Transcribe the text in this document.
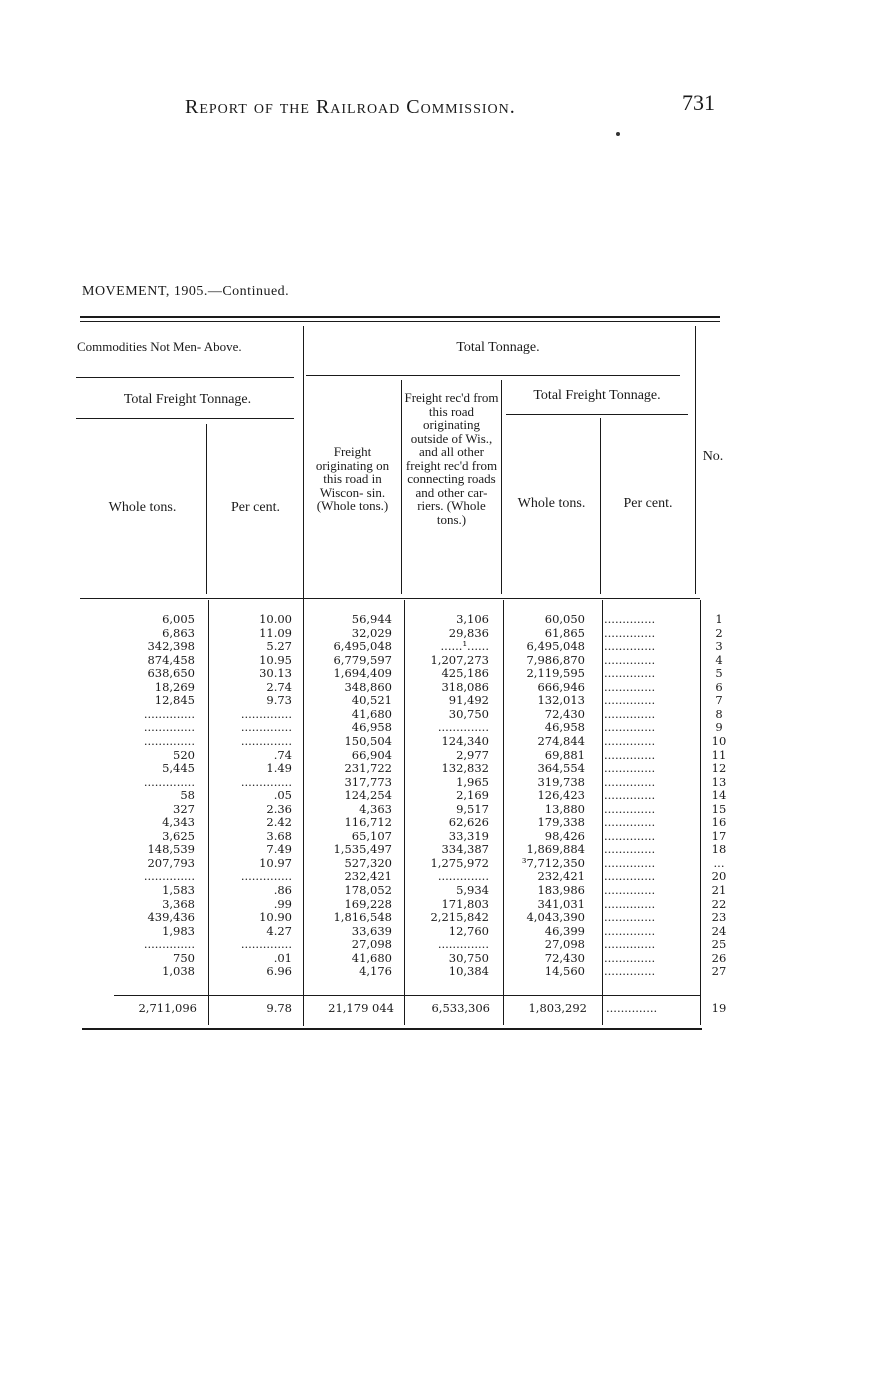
Report of the Railroad Commission.	731
MOVEMENT, 1905.—Continued.
Commodities Not Men- Above.	Total Tonnage.
Total Freight Tonnage.	Total Freight Tonnage.
Whole tons.	Per cent.
Freight originating on this road in Wiscon- sin. (Whole tons.)
Freight rec'd from this road originating outside of Wis., and all other freight rec'd from connecting roads and other car- riers. (Whole tons.)
Whole tons.	Per cent.
No.
6,005	10.00	56,944	3,106	60,050 ..............	1
6,863	11.09	32,029	29,836	61,865 ..............	2
342,398	5.27	6,495,048	......¹......	6,495,048 ..............	3
874,458	10.95	6,779,597	1,207,273	7,986,870 ..............	4
638,650	30.13	1,694,409	425,186	2,119,595 ..............	5
18,269	2.74	348,860	318,086	666,946 ..............	6
12,845	9.73	40,521	91,492	132,013 ..............	7
..............	..............	41,680	30,750	72,430 ..............	8
..............	..............	46,958	..............	46,958 ..............	9
..............	..............	150,504	124,340	274,844 ..............	10
520	.74	66,904	2,977	69,881 ..............	11
5,445	1.49	231,722	132,832	364,554 ..............	12
..............	..............	317,773	1,965	319,738 ..............	13
58	.05	124,254	2,169	126,423 ..............	14
327	2.36	4,363	9,517	13,880 ..............	15
4,343	2.42	116,712	62,626	179,338 ..............	16
3,625	3.68	65,107	33,319	98,426 ..............	17
148,539	7.49	1,535,497	334,387	1,869,884 ..............	18
207,793	10.97	527,320	1,275,972	³7,712,350 ..............	...
..............	..............	232,421	..............	232,421 ..............	20
1,583	.86	178,052	5,934	183,986 ..............	21
3,368	.99	169,228	171,803	341,031 ..............	22
439,436	10.90	1,816,548	2,215,842	4,043,390 ..............	23
1,983	4.27	33,639	12,760	46,399 ..............	24
..............	..............	27,098	..............	27,098 ..............	25
750	.01	41,680	30,750	72,430 ..............	26
1,038	6.96	4,176	10,384	14,560 ..............	27
2,711,096	9.78	21,179 044	6,533,306	1,803,292 ..............	19
